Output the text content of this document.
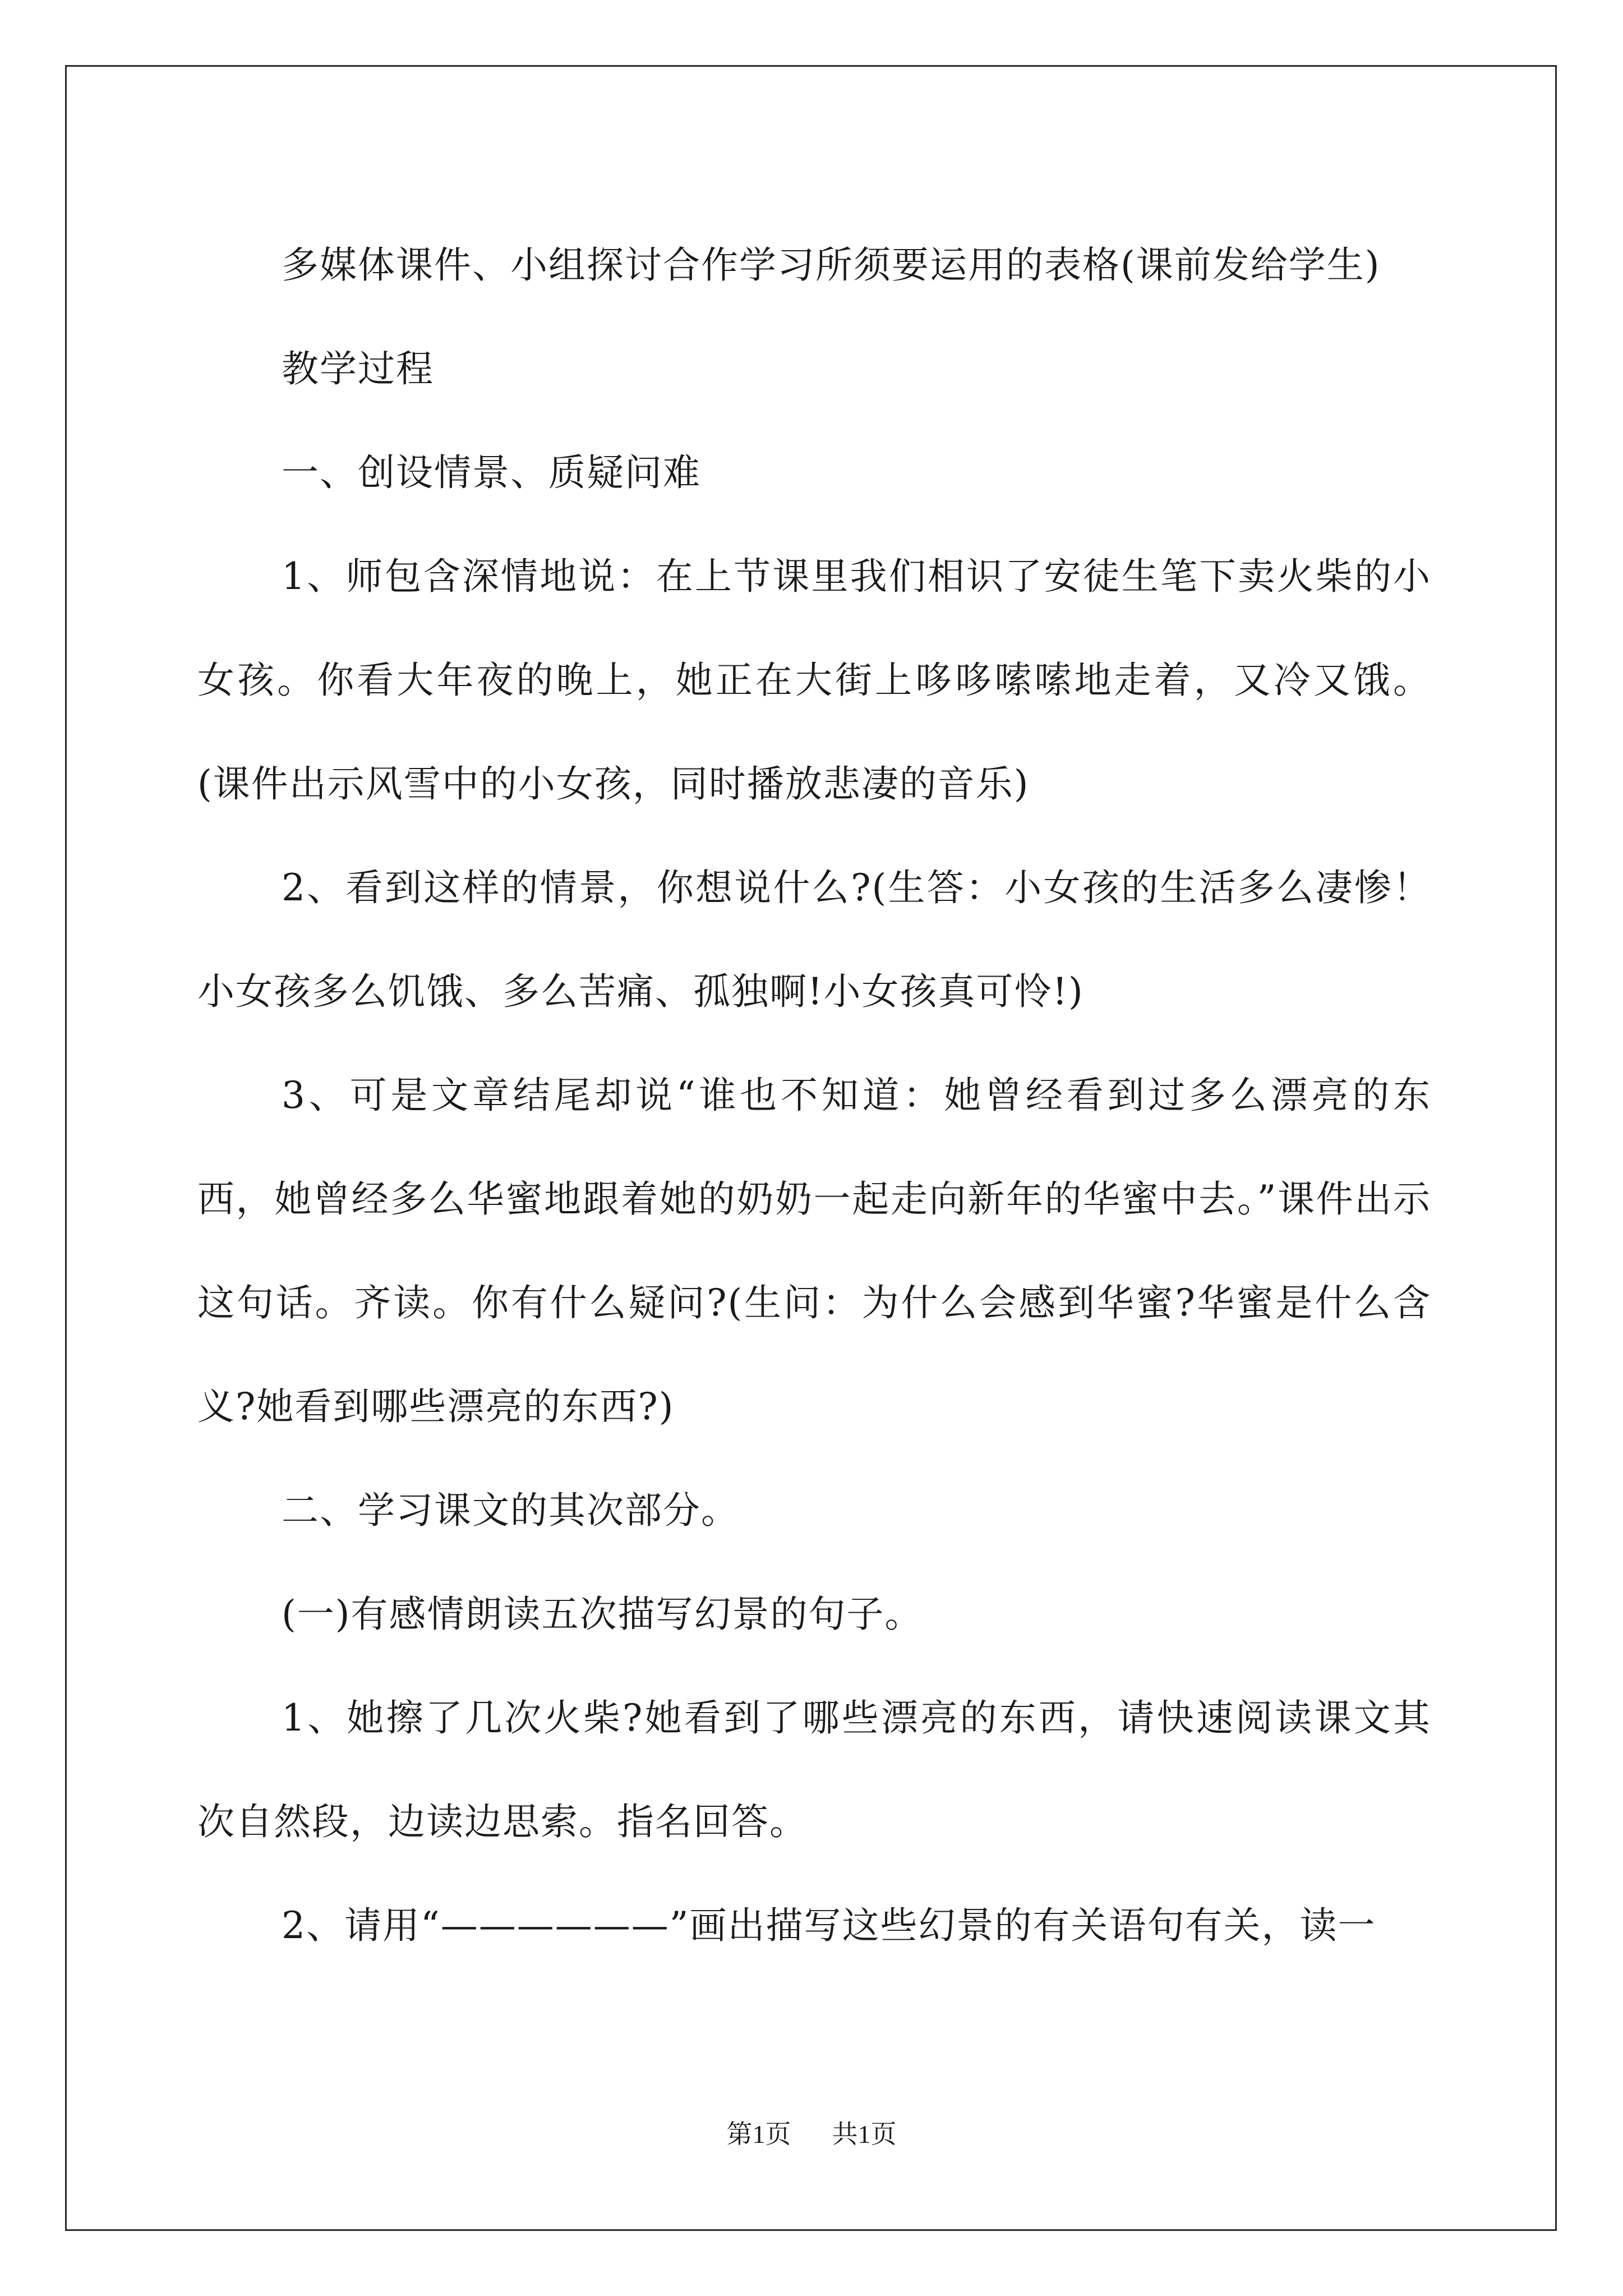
多媒体课件、小组探讨合作学习所须要运用的表格(课前发给学生)

教学过程

一、创设情景、质疑问难

1、师包含深情地说：在上节课里我们相识了安徒生笔下卖火柴的小女孩。你看大年夜的晚上，她正在大街上哆哆嗦嗦地走着，又冷又饿。(课件出示风雪中的小女孩，同时播放悲凄的音乐)

2、看到这样的情景，你想说什么?(生答：小女孩的生活多么凄惨！小女孩多么饥饿、多么苦痛、孤独啊!小女孩真可怜!)

3、可是文章结尾却说“谁也不知道：她曾经看到过多么漂亮的东西，她曾经多么华蜜地跟着她的奶奶一起走向新年的华蜜中去。”课件出示这句话。齐读。你有什么疑问?(生问：为什么会感到华蜜?华蜜是什么含义?她看到哪些漂亮的东西?)

二、学习课文的其次部分。

(一)有感情朗读五次描写幻景的句子。

1、她擦了几次火柴?她看到了哪些漂亮的东西，请快速阅读课文其次自然段，边读边思索。指名回答。

2、请用“——————”画出描写这些幻景的有关语句有关，读一

第1页 共1页
